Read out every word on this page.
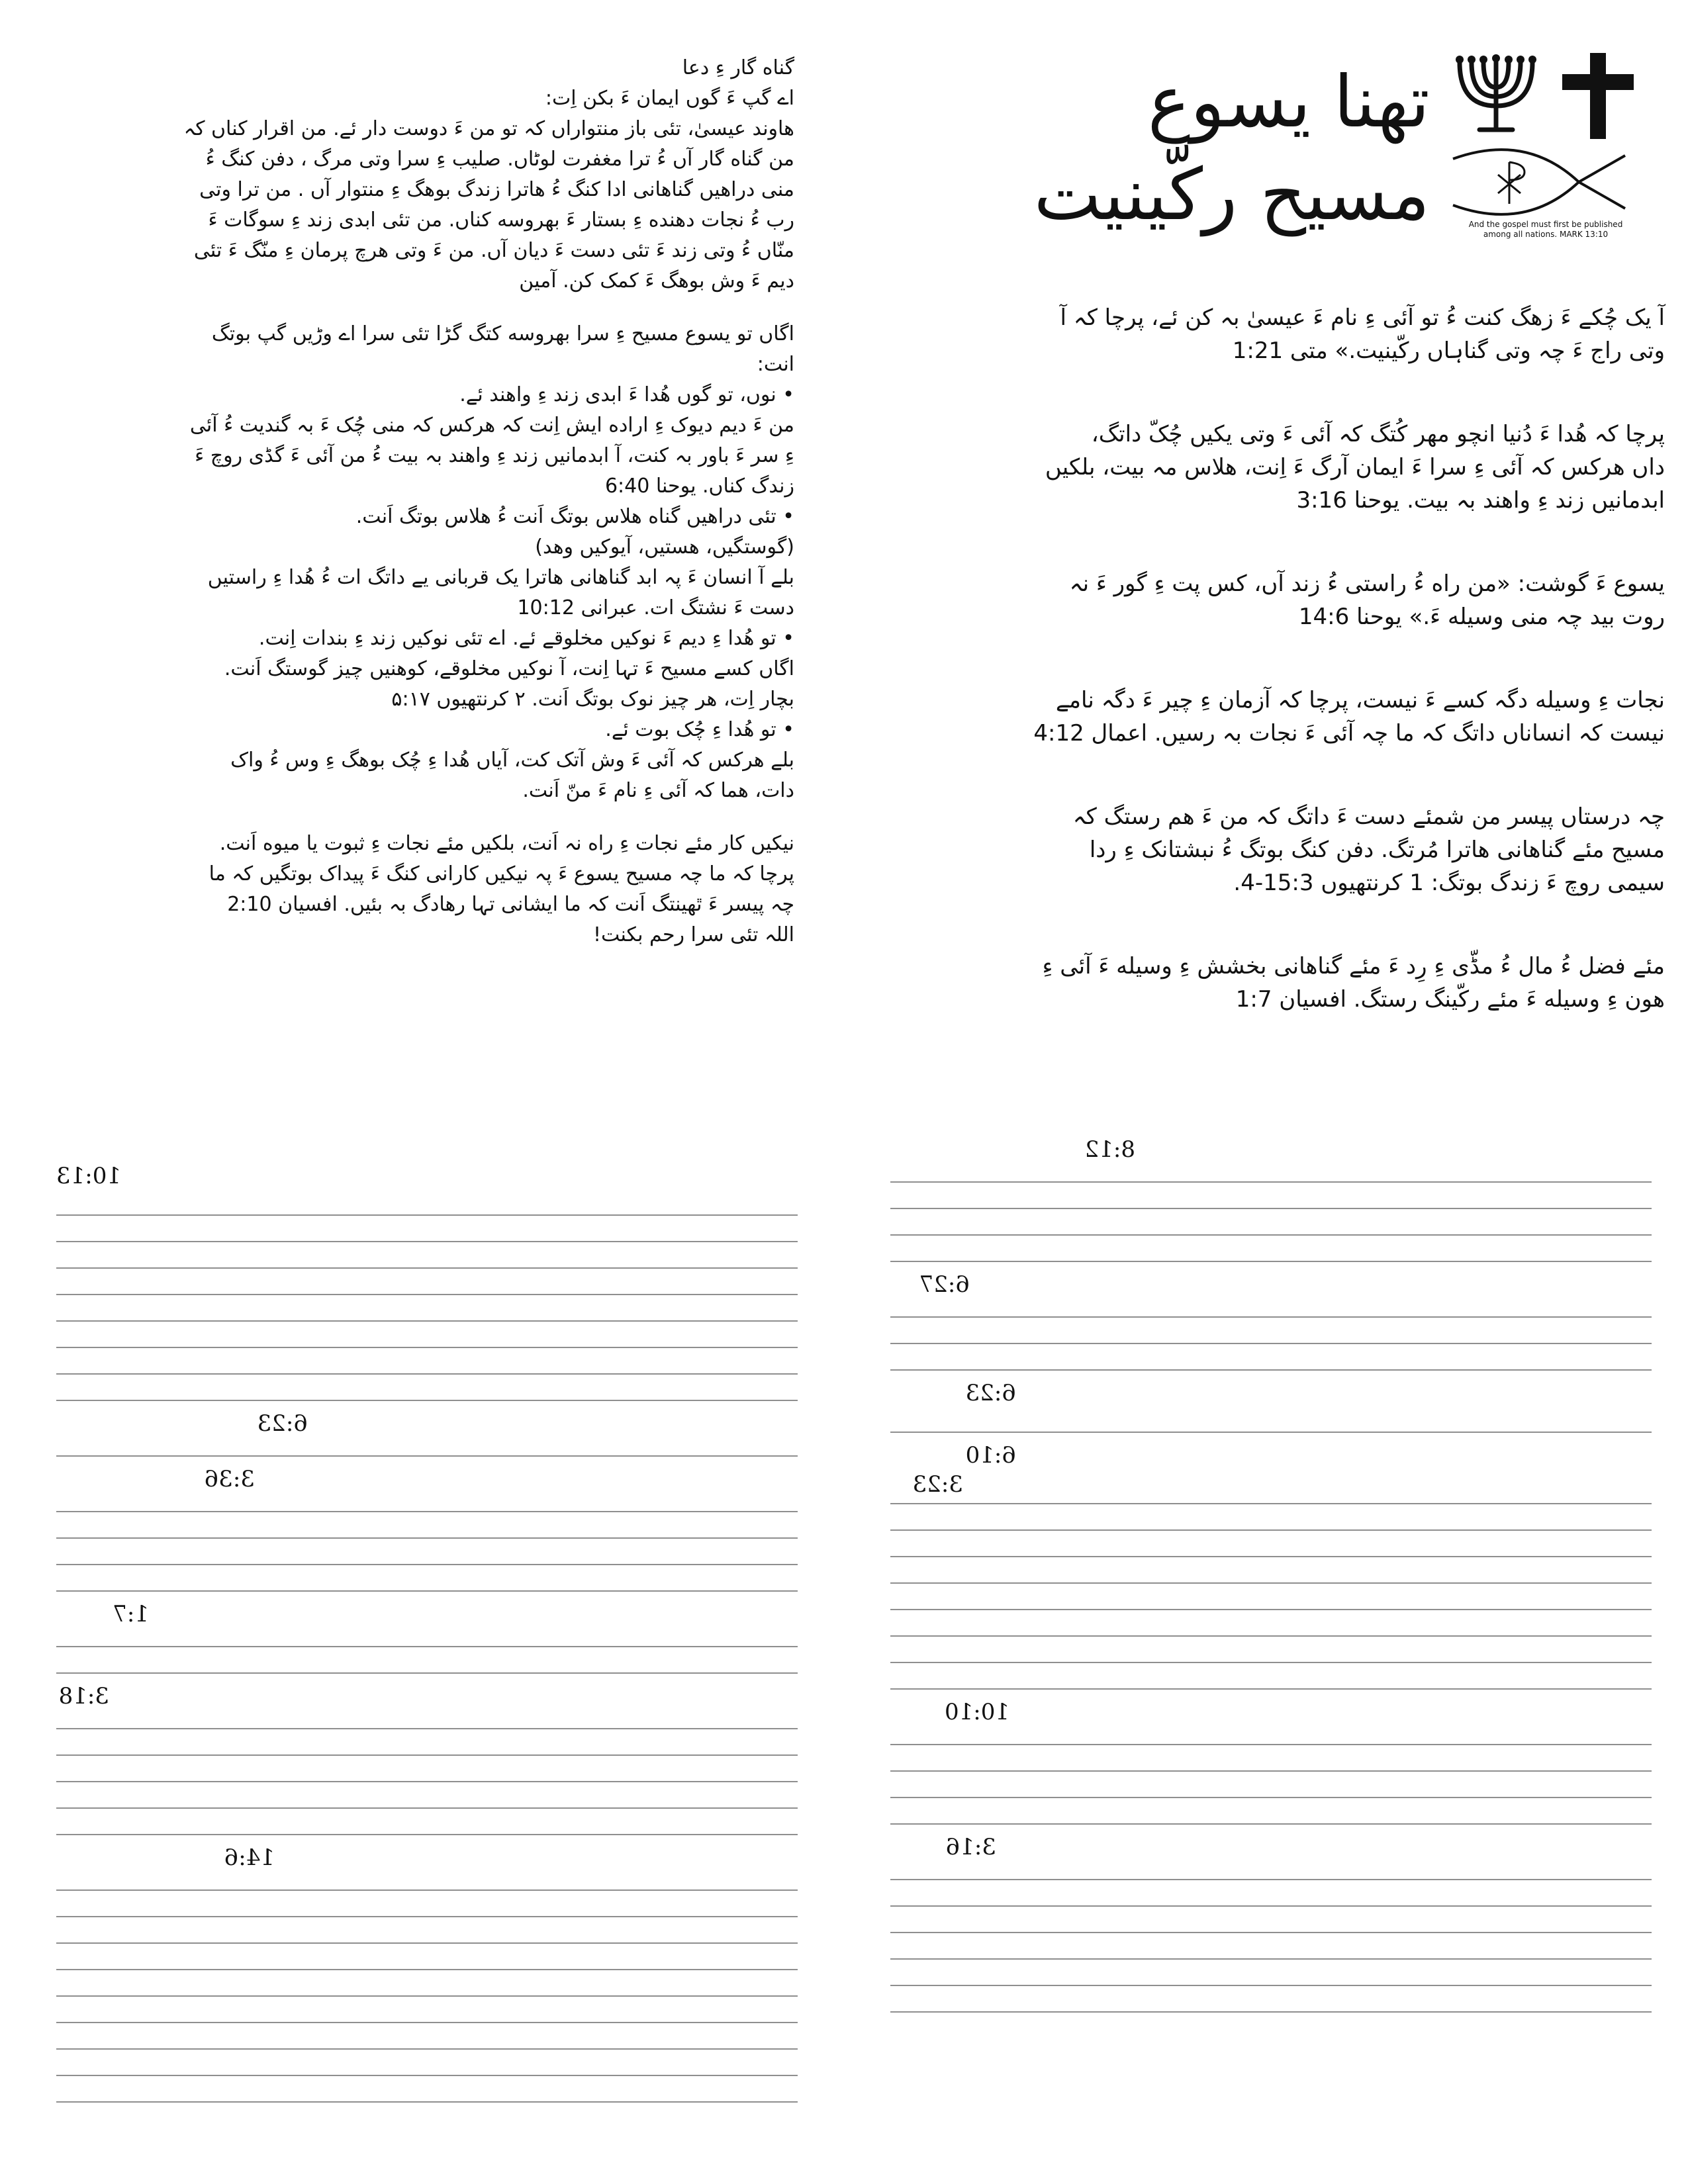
And the gospel must first be published
among all nations. MARK 13:10
تهنا یسوع
مسیح رکّینیت
آ یک چُکے ءَ زهگ کنت ءُ تو آئی ءِ نام ءَ عیسیٰ بہ کن ئے، پرچا کہ آ
وتی راج ءَ چہ وتی گناہاں رکّینیت.» متی 1:21
پرچا کہ هُدا ءَ دُنیا انچو مهر کُتگ کہ آئی ءَ وتی یکیں چُکّ داتگ،
داں هرکس کہ آئی ءِ سرا ءَ ایمان آرگ ءَ اِنت، هلاس مہ بیت، بلکیں
ابدمانیں زند ءِ واهند بہ بیت. یوحنا 3:16
یسوع ءَ گوشت: «من راه ءُ راستی ءُ زند آں، کس پت ءِ گور ءَ نہ
روت بید چہ منی وسیله ءَ.» یوحنا 14:6
نجات ءِ وسیله دگہ کسے ءَ نیست، پرچا کہ آزمان ءِ چیر ءَ دگہ نامے
نیست کہ انساناں داتگ کہ ما چہ آئی ءَ نجات بہ رسیں. اعمال 4:12
چہ درستاں پیسر من شمئے دست ءَ داتگ کہ من ءَ هم رستگ کہ
مسیح مئے گناهانی هاترا مُرتگ. دفن کنگ بوتگ ءُ نبشتانک ءِ ردا
سیمی روچ ءَ زندگ بوتگ: 1 کرنتهیوں 15:3-4.
مئے فضل ءُ مال ءُ مڈّی ءِ رِد ءَ مئے گناهانی بخشش ءِ وسیله ءَ آئی ءِ
هون ءِ وسیله ءَ مئے رکّینگ رستگ. افسیان 1:7

گناه گار ءِ دعا

اے گپ ءَ گوں ایمان ءَ بکن اِت:

هاوند عیسیٰ، تئی باز منتواراں کہ تو من ءَ دوست دار ئے. من اقرار کناں کہ
من گناه گار آں ءُ ترا مغفرت لوٹاں. صلیب ءِ سرا وتی مرگ ، دفن کنگ ءُ
منی دراهیں گناهانی ادا کنگ ءُ هاترا زندگ بوهگ ءِ منتوار آں . من ترا وتی
رب ءُ نجات دهنده ءِ بستار ءَ بهروسه کناں. من تئی ابدی زند ءِ سوگات ءَ
منّاں ءُ وتی زند ءَ تئی دست ءَ دیان آں. من ءَ وتی هرچ پرمان ءِ منّگ ءَ تئی
دیم ءَ وش بوهگ ءَ کمک کن. آمین

اگاں تو یسوع مسیح ءِ سرا بهروسه کتگ گڑا تئی سرا اے وڑیں گپ بوتگ

انت:

• نوں، تو گوں هُدا ءَ ابدی زند ءِ واهند ئے.

من ءَ دیم دیوک ءِ اراده ایش اِنت کہ هرکس کہ منی چُک ءَ بہ گندیت ءُ آئی

ءِ سر ءَ باور بہ کنت، آ ابدمانیں زند ءِ واهند بہ بیت ءُ من آئی ءَ گڈی روچ ءَ

زندگ کناں. یوحنا 6:40

• تئی دراهیں گناه هلاس بوتگ اَنت ءُ هلاس بوتگ اَنت.

(گوستگیں، هستیں، آیوکیں وهد)

بلے آ انسان ءَ پہ ابد گناهانی هاترا یک قربانی یے داتگ ات ءُ هُدا ءِ راستیں

دست ءَ نشتگ ات. عبرانی 10:12

• تو هُدا ءِ دیم ءَ نوکیں مخلوقے ئے. اے تئی نوکیں زند ءِ بندات اِنت.

اگاں کسے مسیح ءَ تہا اِنت، آ نوکیں مخلوقے، کوهنیں چیز گوستگ اَنت.

بچار اِت، هر چیز نوک بوتگ اَنت. ۲ کرنتهیوں ۵:۱۷

• تو هُدا ءِ چُک بوت ئے.

بلے هرکس کہ آئی ءَ وش آتک کت، آیاں هُدا ءِ چُک بوهگ ءِ وس ءُ واک

دات، هما کہ آئی ءِ نام ءَ منّ اَنت.

نیکیں کار مئے نجات ءِ راه نہ اَنت، بلکیں مئے نجات ءِ ثبوت یا میوه اَنت.

پرچا کہ ما چہ مسیح یسوع ءَ پہ نیکیں کارانی کنگ ءَ پیداک بوتگیں کہ ما

چہ پیسر ءَ ٿهینتگ اَنت کہ ما ایشانی تہا رهادگ بہ بئیں. افسیان 2:10

اللہ تئی سرا رحم بکنت!

10:13
6:23
3:36
1:7
3:18
14:6
8:12
6:27
6:23
6:10
3:23
10:10
3:16
